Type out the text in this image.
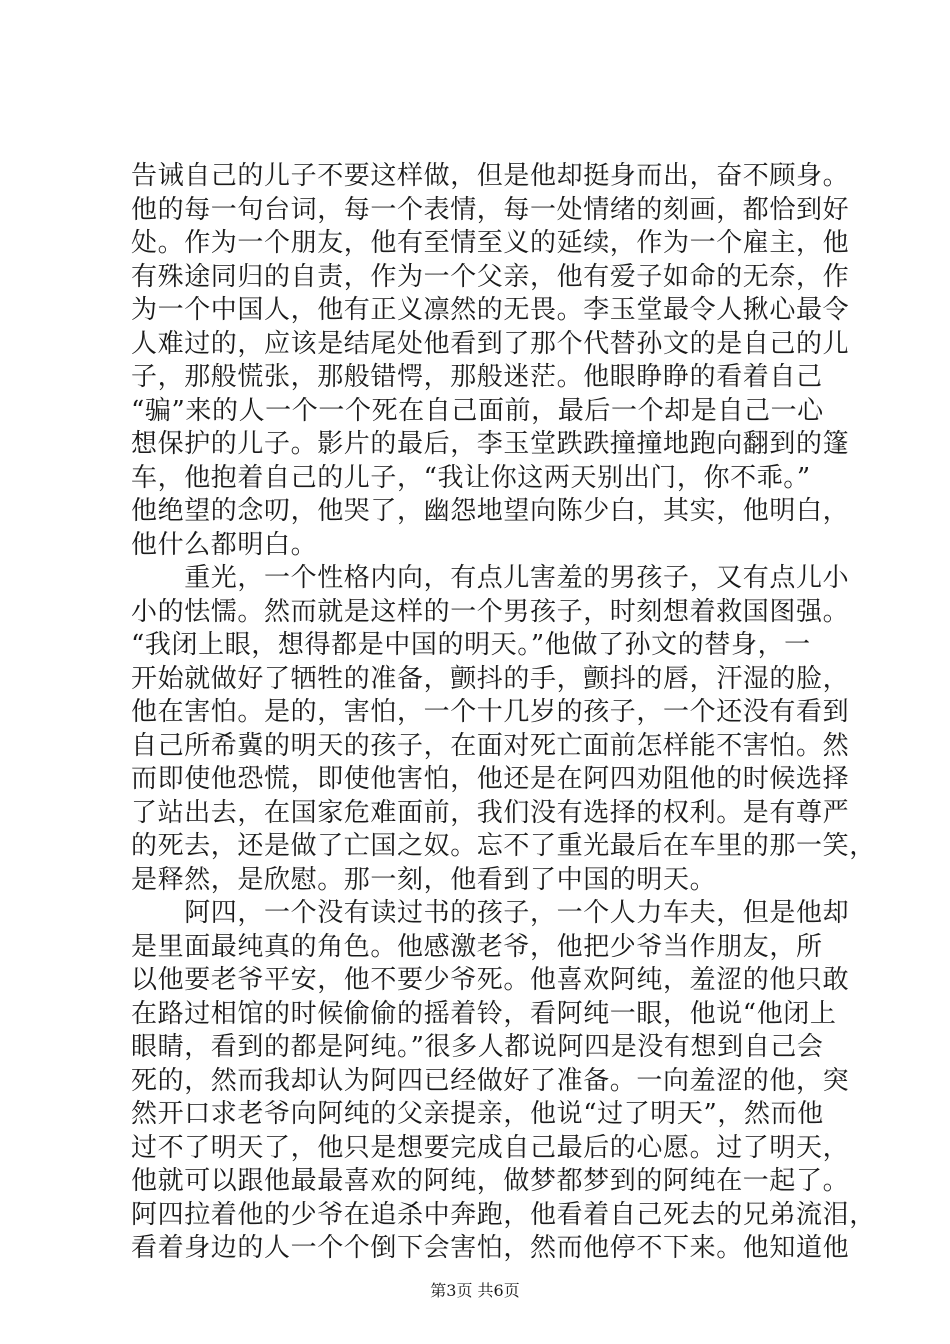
告诫自己的儿子不要这样做，但是他却挺身而出，奋不顾身。
他的每一句台词，每一个表情，每一处情绪的刻画，都恰到好
处。作为一个朋友，他有至情至义的延续，作为一个雇主，他
有殊途同归的自责，作为一个父亲，他有爱子如命的无奈，作
为一个中国人，他有正义凛然的无畏。李玉堂最令人揪心最令
人难过的，应该是结尾处他看到了那个代替孙文的是自己的儿
子，那般慌张，那般错愕，那般迷茫。他眼睁睁的看着自己
“骗”来的人一个一个死在自己面前，最后一个却是自己一心
想保护的儿子。影片的最后，李玉堂跌跌撞撞地跑向翻到的篷
车，他抱着自己的儿子，“我让你这两天别出门，你不乖。”
他绝望的念叨，他哭了，幽怨地望向陈少白，其实，他明白，
他什么都明白。
　　重光，一个性格内向，有点儿害羞的男孩子，又有点儿小
小的怯懦。然而就是这样的一个男孩子，时刻想着救国图强。
“我闭上眼，想得都是中国的明天。”他做了孙文的替身，一
开始就做好了牺牲的准备，颤抖的手，颤抖的唇，汗湿的脸，
他在害怕。是的，害怕，一个十几岁的孩子，一个还没有看到
自己所希冀的明天的孩子，在面对死亡面前怎样能不害怕。然
而即使他恐慌，即使他害怕，他还是在阿四劝阻他的时候选择
了站出去，在国家危难面前，我们没有选择的权利。是有尊严
的死去，还是做了亡国之奴。忘不了重光最后在车里的那一笑，
是释然，是欣慰。那一刻，他看到了中国的明天。
　　阿四，一个没有读过书的孩子，一个人力车夫，但是他却
是里面最纯真的角色。他感激老爷，他把少爷当作朋友，所
以他要老爷平安，他不要少爷死。他喜欢阿纯，羞涩的他只敢
在路过相馆的时候偷偷的摇着铃，看阿纯一眼，他说“他闭上
眼睛，看到的都是阿纯。”很多人都说阿四是没有想到自己会
死的，然而我却认为阿四已经做好了准备。一向羞涩的他，突
然开口求老爷向阿纯的父亲提亲，他说“过了明天”，然而他
过不了明天了，他只是想要完成自己最后的心愿。过了明天，
他就可以跟他最最喜欢的阿纯，做梦都梦到的阿纯在一起了。
阿四拉着他的少爷在追杀中奔跑，他看着自己死去的兄弟流泪，
看着身边的人一个个倒下会害怕，然而他停不下来。他知道他
第3页 共6页
